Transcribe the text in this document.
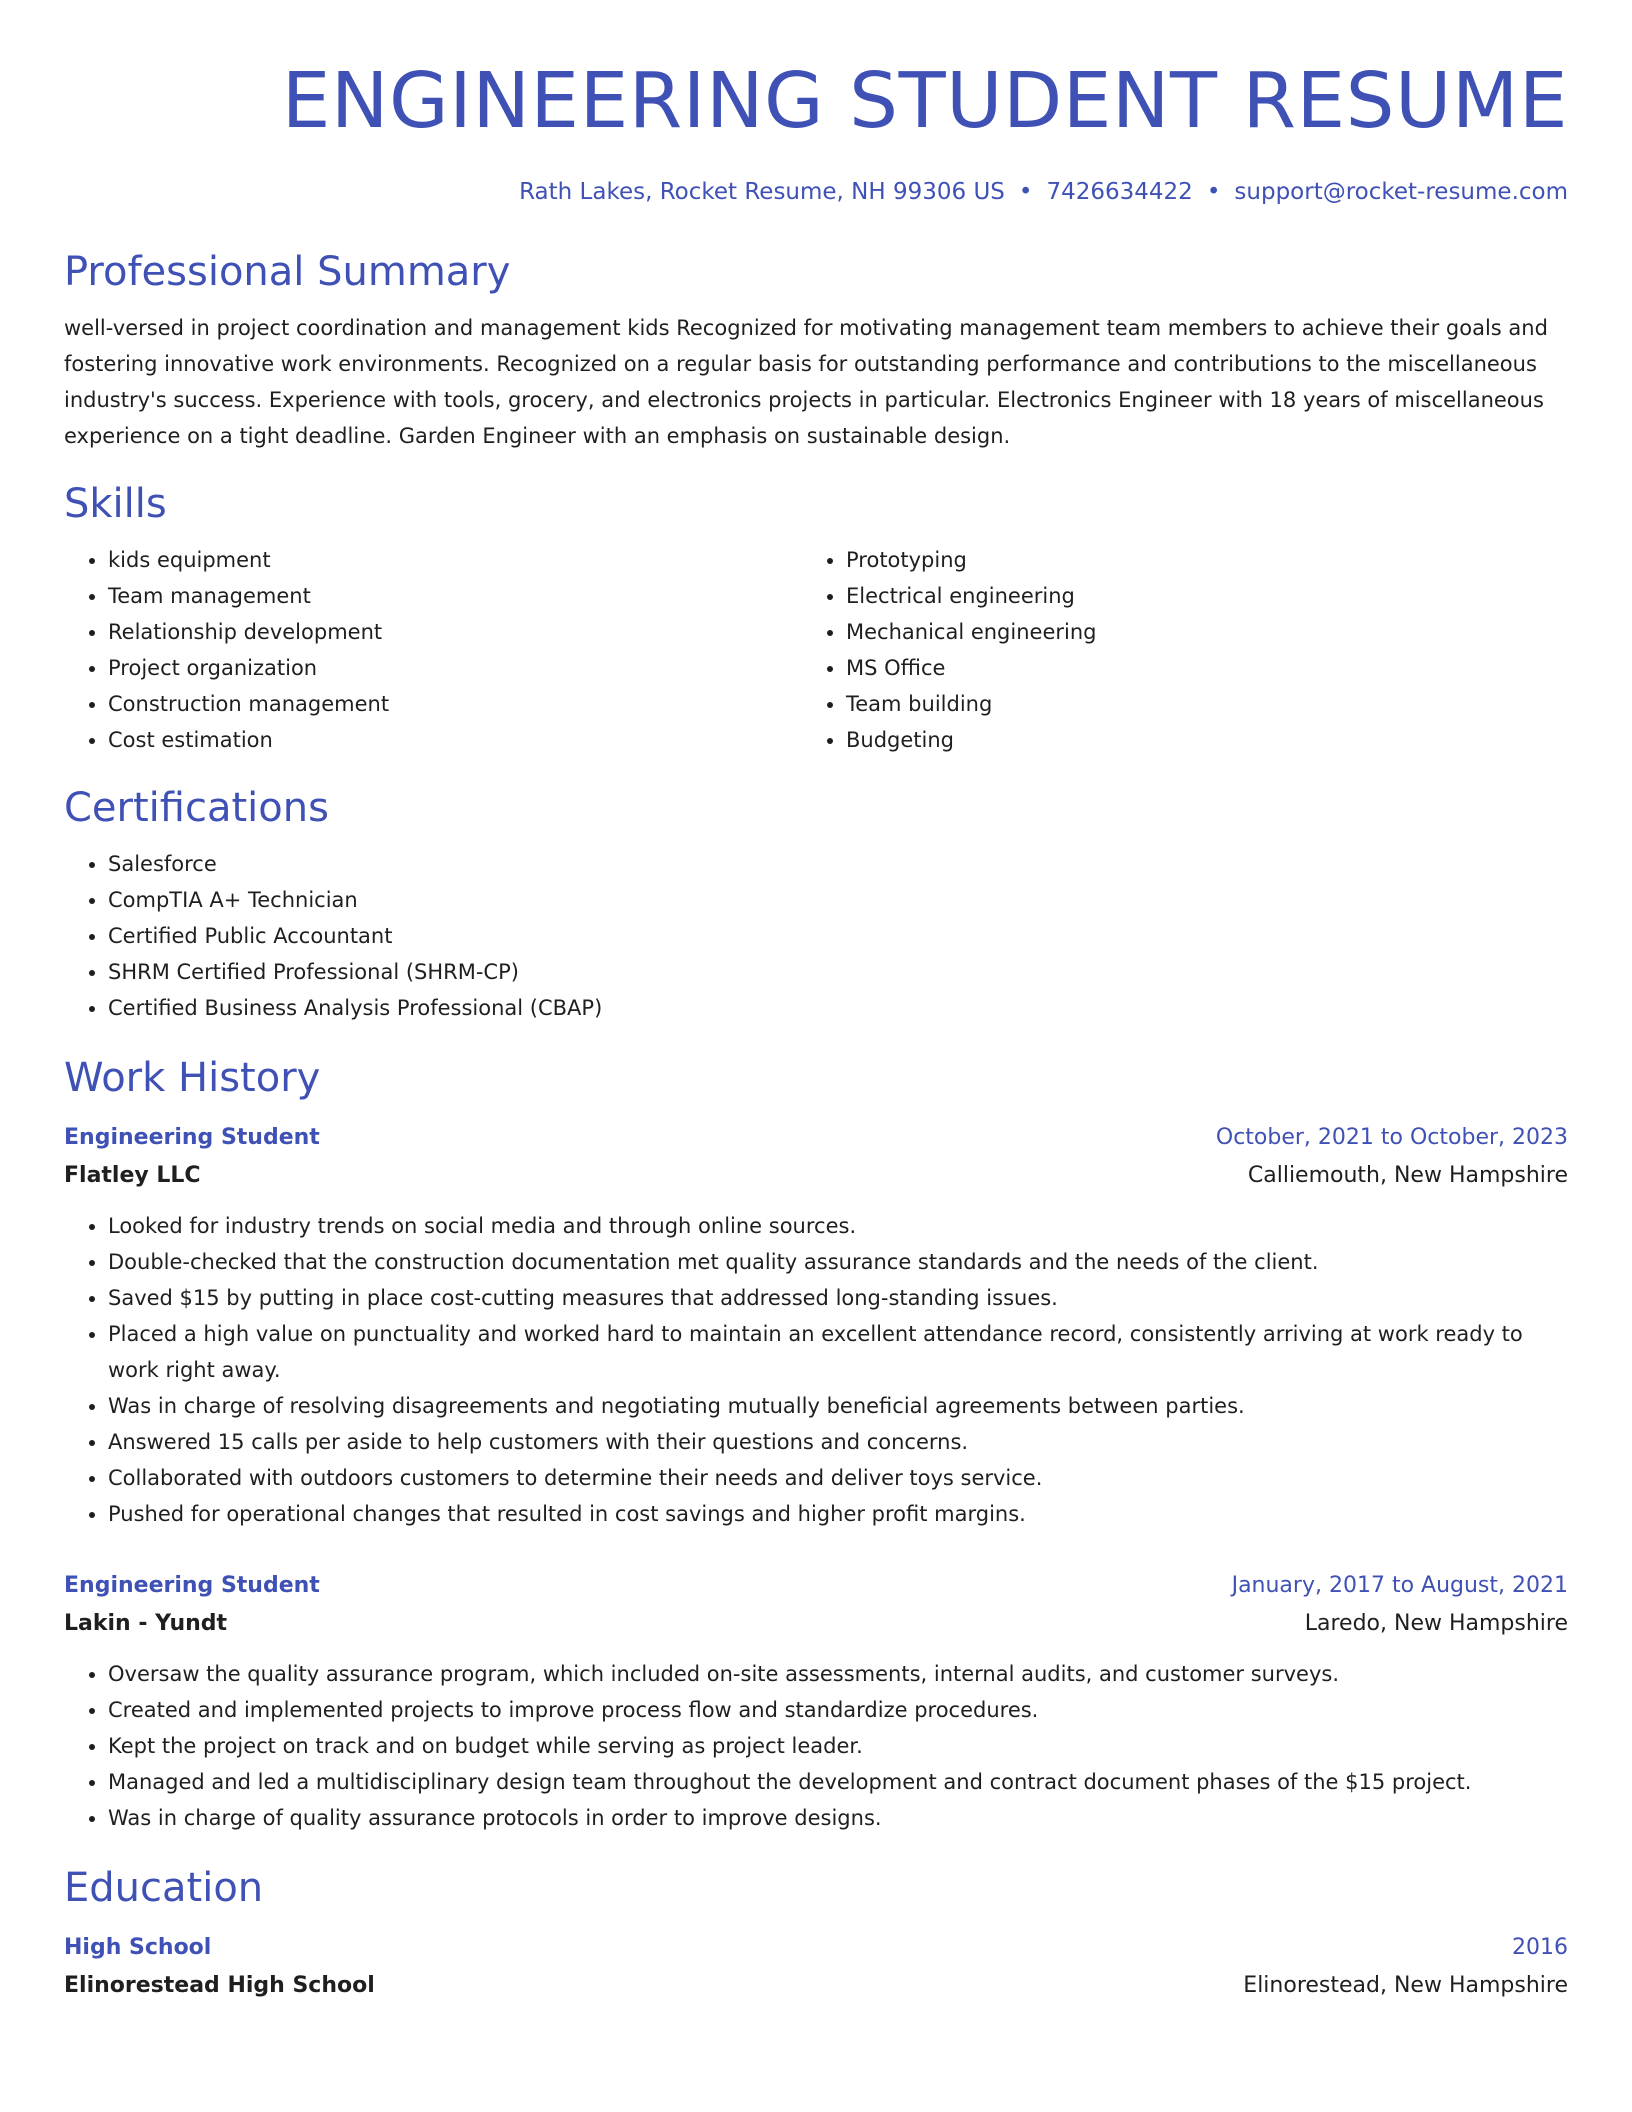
ENGINEERING STUDENT RESUME
Rath Lakes, Rocket Resume, NH 99306 US • 7426634422 • support@rocket-resume.com
Professional Summary
well-versed in project coordination and management kids Recognized for motivating management team members to achieve their goals and fostering innovative work environments. Recognized on a regular basis for outstanding performance and contributions to the miscellaneous industry's success. Experience with tools, grocery, and electronics projects in particular. Electronics Engineer with 18 years of miscellaneous experience on a tight deadline. Garden Engineer with an emphasis on sustainable design.
Skills
• kids equipment
• Team management
• Relationship development
• Project organization
• Construction management
• Cost estimation
• Prototyping
• Electrical engineering
• Mechanical engineering
• MS Office
• Team building
• Budgeting
Certifications
• Salesforce
• CompTIA A+ Technician
• Certified Public Accountant
• SHRM Certified Professional (SHRM-CP)
• Certified Business Analysis Professional (CBAP)
Work History
Engineering Student	October, 2021 to October, 2023
Flatley LLC	Calliemouth, New Hampshire
• Looked for industry trends on social media and through online sources.
• Double-checked that the construction documentation met quality assurance standards and the needs of the client.
• Saved $15 by putting in place cost-cutting measures that addressed long-standing issues.
• Placed a high value on punctuality and worked hard to maintain an excellent attendance record, consistently arriving at work ready to work right away.
• Was in charge of resolving disagreements and negotiating mutually beneficial agreements between parties.
• Answered 15 calls per aside to help customers with their questions and concerns.
• Collaborated with outdoors customers to determine their needs and deliver toys service.
• Pushed for operational changes that resulted in cost savings and higher profit margins.
Engineering Student	January, 2017 to August, 2021
Lakin - Yundt	Laredo, New Hampshire
• Oversaw the quality assurance program, which included on-site assessments, internal audits, and customer surveys.
• Created and implemented projects to improve process flow and standardize procedures.
• Kept the project on track and on budget while serving as project leader.
• Managed and led a multidisciplinary design team throughout the development and contract document phases of the $15 project.
• Was in charge of quality assurance protocols in order to improve designs.
Education
High School	2016
Elinorestead High School	Elinorestead, New Hampshire
